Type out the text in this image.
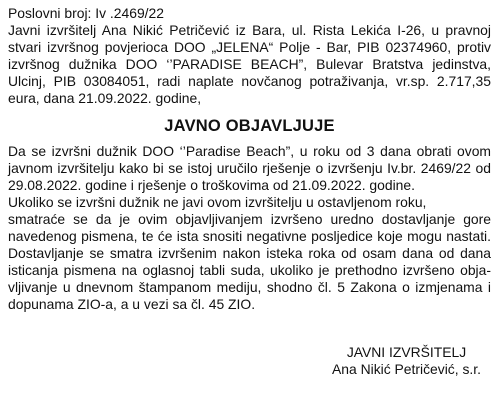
Poslovni broj: Iv .2469/22
Javni izvršitelj Ana Nikić Petričević iz Bara, ul. Rista Lekića I-26, u pravnoj
stvari izvršnog povjerioca DOO „JELENA“ Polje - Bar, PIB 02374960, protiv
izvršnog dužnika DOO ‘’PARADISE BEACH”, Bulevar Bratstva jedinstva,
Ulcinj, PIB 03084051, radi naplate novčanog potraživanja, vr.sp. 2.717,35
eura, dana 21.09.2022. godine,
JAVNO OBJAVLJUJE
Da se izvršni dužnik DOO ‘’Paradise Beach”, u roku od 3 dana obrati ovom
javnom izvršitelju kako bi se istoj uručilo rješenje o izvršenju Iv.br. 2469/22 od
29.08.2022. godine i rješenje o troškovima od 21.09.2022. godine.
Ukoliko se izvršni dužnik ne javi ovom izvršitelju u ostavljenom roku,
smatraće se da je ovim objavljivanjem izvršeno uredno dostavljanje gore
navedenog pismena, te će ista snositi negativne posljedice koje mogu nastati.
Dostavljanje se smatra izvršenim nakon isteka roka od osam dana od dana
isticanja pismena na oglasnoj tabli suda, ukoliko je prethodno izvršeno obja-
vljivanje u dnevnom štampanom mediju, shodno čl. 5 Zakona o izmjenama i
dopunama ZIO-a, a u vezi sa čl. 45 ZIO.
JAVNI IZVRŠITELJ
Ana Nikić Petričević, s.r.
